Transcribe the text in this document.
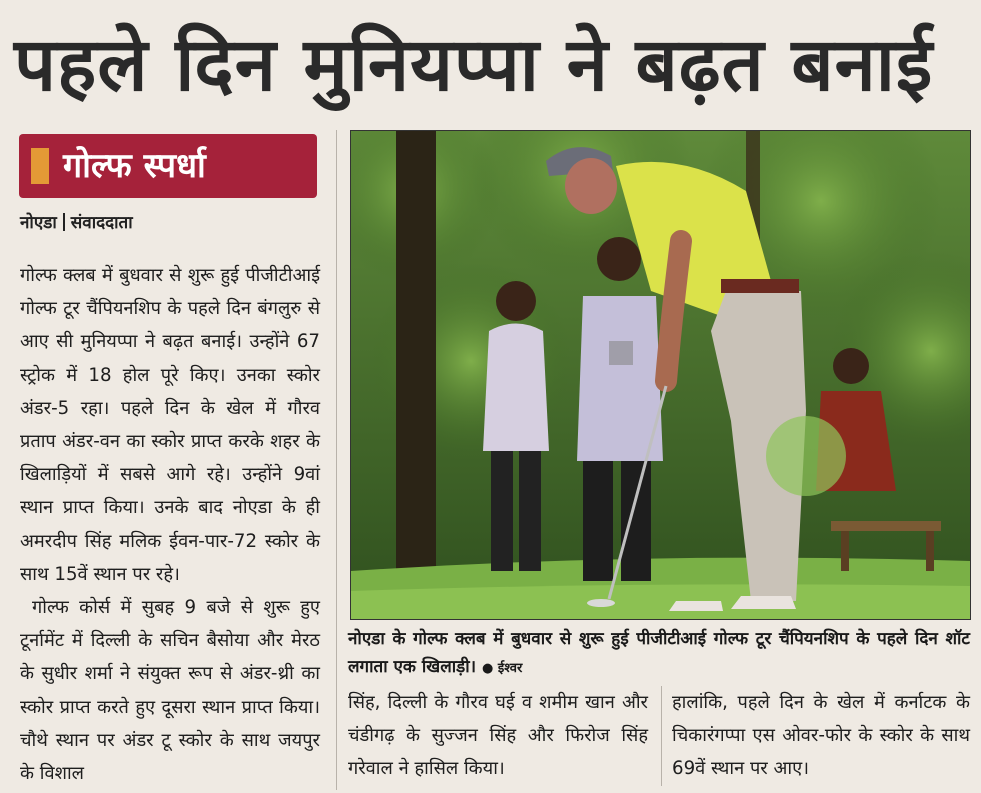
पहले दिन मुनियप्पा ने बढ़त बनाई
गोल्फ स्पर्धा
नोएडा संवाददाता

गोल्फ क्लब में बुधवार से शुरू हुई पीजीटीआई गोल्फ टूर चैंपियनशिप के पहले दिन बंगलुरु से आए सी मुनियप्पा ने बढ़त बनाई। उन्होंने 67 स्ट्रोक में 18 होल पूरे किए। उनका स्कोर अंडर-5 रहा। पहले दिन के खेल में गौरव प्रताप अंडर-वन का स्कोर प्राप्त करके शहर के खिलाड़ियों में सबसे आगे रहे। उन्होंने 9वां स्थान प्राप्त किया। उनके बाद नोएडा के ही अमरदीप सिंह मलिक ईवन-पार-72 स्कोर के साथ 15वें स्थान पर रहे।

गोल्फ कोर्स में सुबह 9 बजे से शुरू हुए टूर्नामेंट में दिल्ली के सचिन बैसोया और मेरठ के सुधीर शर्मा ने संयुक्त रूप से अंडर-थ्री का स्कोर प्राप्त करते हुए दूसरा स्थान प्राप्त किया। चौथे स्थान पर अंडर टू स्कोर के साथ जयपुर के विशाल

नोएडा के गोल्फ क्लब में बुधवार से शुरू हुई पीजीटीआई गोल्फ टूर चैंपियनशिप के पहले दिन शॉट लगाता एक खिलाड़ी। ● ईश्वर

सिंह, दिल्ली के गौरव घई व शमीम खान और चंडीगढ़ के सुज्जन सिंह और फिरोज सिंह गरेवाल ने हासिल किया।

हालांकि, पहले दिन के खेल में कर्नाटक के चिकारंगप्पा एस ओवर-फोर के स्कोर के साथ 69वें स्थान पर आए।
